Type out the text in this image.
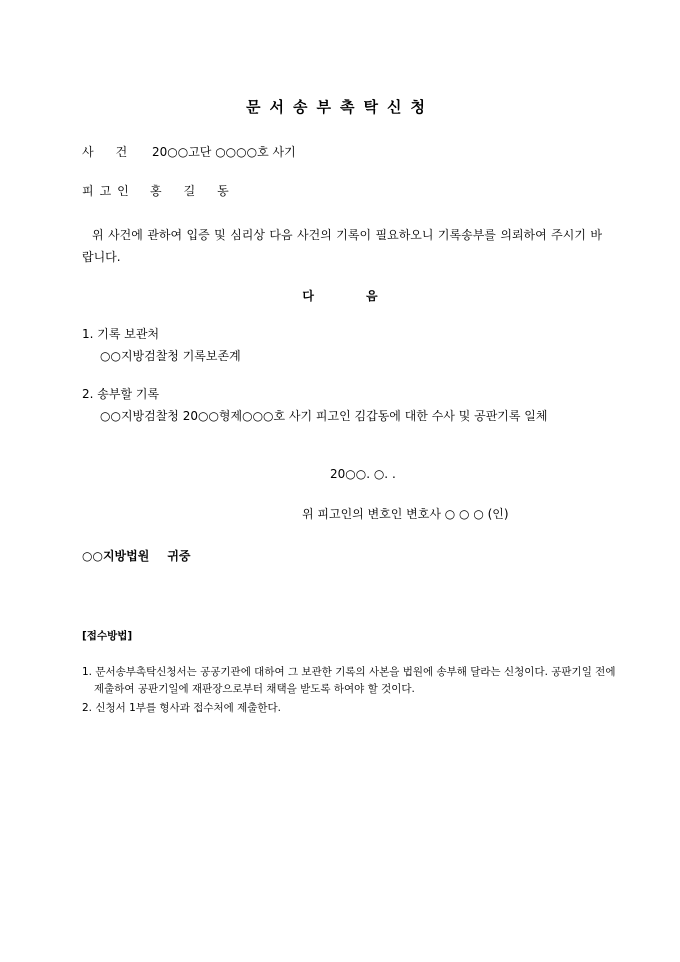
문서송부촉탁신청
사건 20○○고단 ○○○○호 사기
피고인 홍길동
위 사건에 관하여 입증 및 심리상 다음 사건의 기록이 필요하오니 기록송부를 의뢰하여 주시기 바랍니다.
다	음
1. 기록 보관처
○○지방검찰청 기록보존계
2. 송부할 기록
○○지방검찰청 20○○형제○○○호 사기 피고인 김갑동에 대한 수사 및 공판기록 일체
20○○. ○. .
위 피고인의 변호인 변호사 ○ ○ ○ (인)
○○지방법원 귀중
[접수방법]
1. 문서송부촉탁신청서는 공공기관에 대하여 그 보관한 기록의 사본을 법원에 송부해 달라는 신청이다. 공판기일 전에 제출하여 공판기일에 재판장으로부터 채택을 받도록 하여야 할 것이다.
2. 신청서 1부를 형사과 접수처에 제출한다.
